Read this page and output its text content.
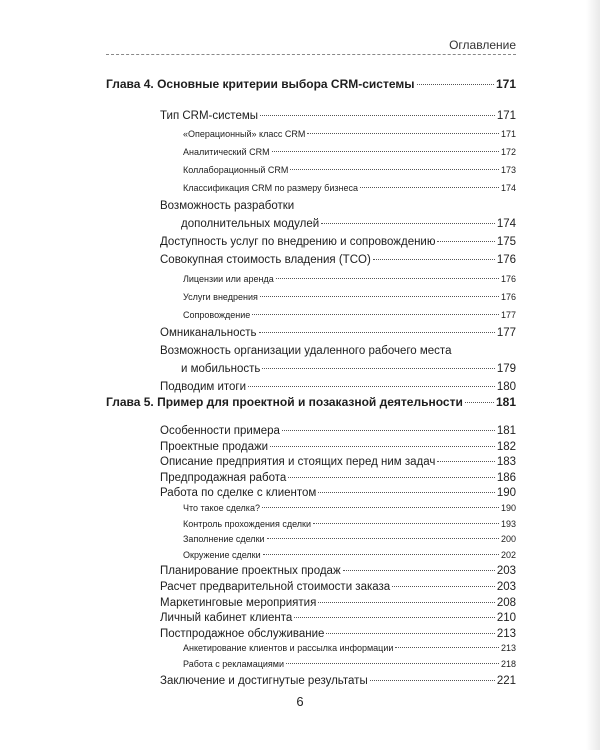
Оглавление
Глава 4. Основные критерии выбора CRM-системы	171
Тип CRM-системы	171
«Операционный» класс CRM	171
Аналитический CRM	172
Коллаборационный CRM	173
Классификация CRM по размеру бизнеса	174
Возможность разработки
дополнительных модулей	174
Доступность услуг по внедрению и сопровождению	175
Совокупная стоимость владения (TCO)	176
Лицензии или аренда	176
Услуги внедрения	176
Сопровождение	177
Омниканальность	177
Возможность организации удаленного рабочего места
и мобильность	179
Подводим итоги	180
Глава 5. Пример для проектной и позаказной деятельности	181
6
Особенности примера	181
Проектные продажи	182
Описание предприятия и стоящих перед ним задач	183
Предпродажная работа	186
Работа по сделке с клиентом	190
Что такое сделка?	190
Контроль прохождения сделки	193
Заполнение сделки	200
Окружение сделки	202
Планирование проектных продаж	203
Расчет предварительной стоимости заказа	203
Маркетинговые мероприятия	208
Личный кабинет клиента	210
Постпродажное обслуживание	213
Анкетирование клиентов и рассылка информации	213
Работа с рекламациями	218
Заключение и достигнутые результаты	221
